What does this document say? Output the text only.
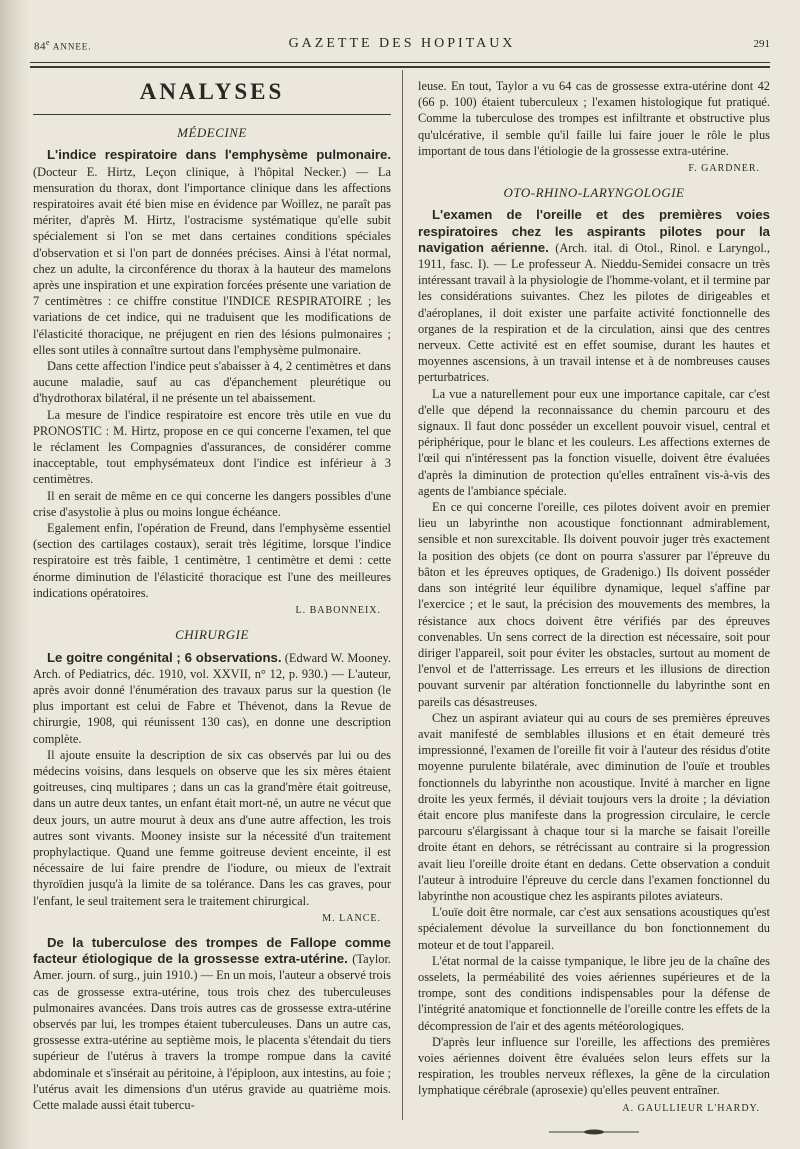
84e ANNEE.	GAZETTE DES HOPITAUX	291
ANALYSES
MÉDECINE

L'indice respiratoire dans l'emphysème pulmonaire. (Docteur E. Hirtz, Leçon clinique, à l'hôpital Necker.) — La mensuration du thorax, dont l'importance clinique dans les affections respiratoires avait été bien mise en évidence par Woillez, ne paraît pas mériter, d'après M. Hirtz, l'ostracisme systématique qu'elle subit spécialement si l'on se met dans certaines conditions spéciales d'observation et si l'on part de données précises. Ainsi à l'état normal, chez un adulte, la circonférence du thorax à la hauteur des mamelons après une inspiration et une expiration forcées présente une variation de 7 centimètres : ce chiffre constitue l'INDICE RESPIRATOIRE ; les variations de cet indice, qui ne traduisent que les modifications de l'élasticité thoracique, ne préjugent en rien des lésions pulmonaires ; elles sont utiles à connaître surtout dans l'emphysème pulmonaire.

Dans cette affection l'indice peut s'abaisser à 4, 2 centimètres et dans aucune maladie, sauf au cas d'épanchement pleurétique ou d'hydrothorax bilatéral, il ne présente un tel abaissement.

La mesure de l'indice respiratoire est encore très utile en vue du PRONOSTIC : M. Hirtz, propose en ce qui concerne l'examen, tel que le réclament les Compagnies d'assurances, de considérer comme inacceptable, tout emphysémateux dont l'indice est inférieur à 3 centimètres.

Il en serait de même en ce qui concerne les dangers possibles d'une crise d'asystolie à plus ou moins longue échéance.

Egalement enfin, l'opération de Freund, dans l'emphysème essentiel (section des cartilages costaux), serait très légitime, lorsque l'indice respiratoire est très faible, 1 centimètre, 1 centimètre et demi : cette énorme diminution de l'élasticité thoracique est l'une des meilleures indications opératoires.

L. BABONNEIX.
CHIRURGIE

Le goitre congénital ; 6 observations. (Edward W. Mooney. Arch. of Pediatrics, déc. 1910, vol. XXVII, n° 12, p. 930.) — L'auteur, après avoir donné l'énumération des travaux parus sur la question (le plus important est celui de Fabre et Thévenot, dans la Revue de chirurgie, 1908, qui réunissent 130 cas), en donne une description complète.

Il ajoute ensuite la description de six cas observés par lui ou des médecins voisins, dans lesquels on observe que les six mères étaient goitreuses, cinq multipares ; dans un cas la grand'mère était goitreuse, dans un autre deux tantes, un enfant était mort-né, un autre ne vécut que deux jours, un autre mourut à deux ans d'une autre affection, les trois autres sont vivants. Mooney insiste sur la nécessité d'un traitement prophylactique. Quand une femme goitreuse devient enceinte, il est nécessaire de lui faire prendre de l'iodure, ou mieux de l'extrait thyroïdien jusqu'à la limite de sa tolérance. Dans les cas graves, pour l'enfant, le seul traitement sera le traitement chirurgical.

M. LANCE.

De la tuberculose des trompes de Fallope comme facteur étiologique de la grossesse extra-utérine. (Taylor. Amer. journ. of surg., juin 1910.) — En un mois, l'auteur a observé trois cas de grossesse extra-utérine, tous trois chez des tuberculeuses pulmonaires avancées. Dans trois autres cas de grossesse extra-utérine observés par lui, les trompes étaient tuberculeuses. Dans un autre cas, grossesse extra-utérine au septième mois, le placenta s'étendait du tiers supérieur de l'utérus à travers la trompe rompue dans la cavité abdominale et s'insérait au péritoine, à l'épiploon, aux intestins, au foie ; l'utérus avait les dimensions d'un utérus gravide au quatrième mois. Cette malade aussi était tubercu-

leuse. En tout, Taylor a vu 64 cas de grossesse extra-utérine dont 42 (66 p. 100) étaient tuberculeux ; l'examen histologique fut pratiqué. Comme la tuberculose des trompes est infiltrante et obstructive plus qu'ulcérative, il semble qu'il faille lui faire jouer le rôle le plus important de tous dans l'étiologie de la grossesse extra-utérine.

F. GARDNER.
OTO-RHINO-LARYNGOLOGIE

L'examen de l'oreille et des premières voies respiratoires chez les aspirants pilotes pour la navigation aérienne. (Arch. ital. di Otol., Rinol. e Laryngol., 1911, fasc. I). — Le professeur A. Nieddu-Semidei consacre un très intéressant travail à la physiologie de l'homme-volant, et il termine par les considérations suivantes. Chez les pilotes de dirigeables et d'aéroplanes, il doit exister une parfaite activité fonctionnelle des organes de la respiration et de la circulation, ainsi que des centres nerveux. Cette activité est en effet soumise, durant les hautes et moyennes ascensions, à un travail intense et à de nombreuses causes perturbatrices.

La vue a naturellement pour eux une importance capitale, car c'est d'elle que dépend la reconnaissance du chemin parcouru et des signaux. Il faut donc posséder un excellent pouvoir visuel, central et périphérique, pour le blanc et les couleurs. Les affections externes de l'œil qui n'intéressent pas la fonction visuelle, doivent être évaluées d'après la diminution de protection qu'elles entraînent vis-à-vis des agents de l'ambiance spéciale.

En ce qui concerne l'oreille, ces pilotes doivent avoir en premier lieu un labyrinthe non acoustique fonctionnant admirablement, sensible et non surexcitable. Ils doivent pouvoir juger très exactement la position des objets (ce dont on pourra s'assurer par l'épreuve du bâton et les épreuves optiques, de Gradenigo.) Ils doivent posséder dans son intégrité leur équilibre dynamique, lequel s'affine par l'exercice ; et le saut, la précision des mouvements des membres, la résistance aux chocs doivent être vérifiés par des épreuves convenables. Un sens correct de la direction est nécessaire, soit pour diriger l'appareil, soit pour éviter les obstacles, surtout au moment de l'envol et de l'atterrissage. Les erreurs et les illusions de direction pouvant survenir par altération fonctionnelle du labyrinthe sont en pareils cas désastreuses.

Chez un aspirant aviateur qui au cours de ses premières épreuves avait manifesté de semblables illusions et en était demeuré très impressionné, l'examen de l'oreille fit voir à l'auteur des résidus d'otite moyenne purulente bilatérale, avec diminution de l'ouïe et troubles fonctionnels du labyrinthe non acoustique. Invité à marcher en ligne droite les yeux fermés, il déviait toujours vers la droite ; la déviation était encore plus manifeste dans la progression circulaire, le cercle parcouru s'élargissant à chaque tour si la marche se faisait l'oreille droite étant en dehors, se rétrécissant au contraire si la progression avait lieu l'oreille droite étant en dedans. Cette observation a conduit l'auteur à introduire l'épreuve du cercle dans l'examen fonctionnel du labyrinthe non acoustique chez les aspirants pilotes aviateurs.

L'ouïe doit être normale, car c'est aux sensations acoustiques qu'est spécialement dévolue la surveillance du bon fonctionnement du moteur et de tout l'appareil.

L'état normal de la caisse tympanique, le libre jeu de la chaîne des osselets, la perméabilité des voies aériennes supérieures et de la trompe, sont des conditions indispensables pour la défense de l'intégrité anatomique et fonctionnelle de l'oreille contre les effets de la décompression de l'air et des agents météorologiques.

D'après leur influence sur l'oreille, les affections des premières voies aériennes doivent être évaluées selon leurs effets sur la respiration, les troubles nerveux réflexes, la gêne de la circulation lymphatique cérébrale (aprosexie) qu'elles peuvent entraîner.

A. GAULLIEUR L'HARDY.
